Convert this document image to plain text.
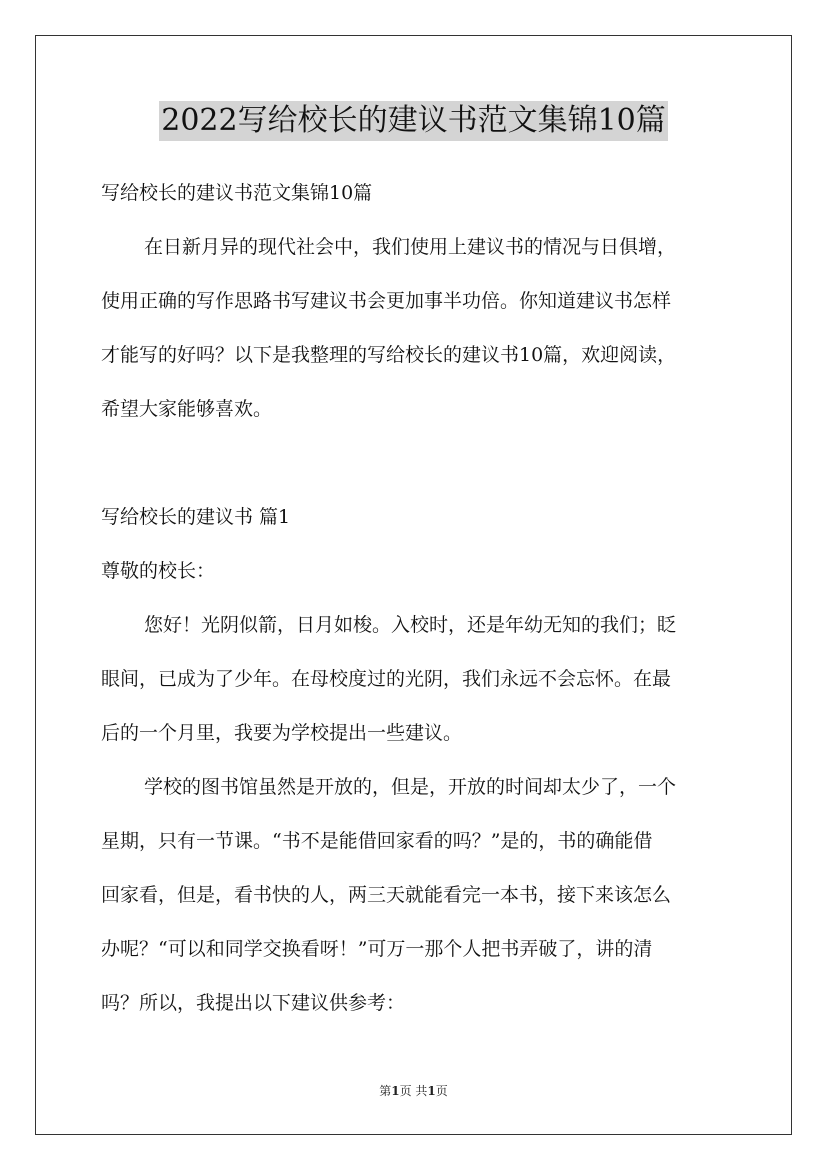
2022写给校长的建议书范文集锦10篇

写给校长的建议书范文集锦10篇

在日新月异的现代社会中，我们使用上建议书的情况与日俱增，

使用正确的写作思路书写建议书会更加事半功倍。你知道建议书怎样

才能写的好吗？以下是我整理的写给校长的建议书10篇，欢迎阅读，

希望大家能够喜欢。

写给校长的建议书 篇1

尊敬的校长：

您好！光阴似箭，日月如梭。入校时，还是年幼无知的我们；眨

眼间，已成为了少年。在母校度过的光阴，我们永远不会忘怀。在最

后的一个月里，我要为学校提出一些建议。

学校的图书馆虽然是开放的，但是，开放的时间却太少了，一个

星期，只有一节课。“书不是能借回家看的吗？”是的，书的确能借

回家看，但是，看书快的人，两三天就能看完一本书，接下来该怎么

办呢？“可以和同学交换看呀！”可万一那个人把书弄破了，讲的清

吗？所以，我提出以下建议供参考：

第1页 共1页
